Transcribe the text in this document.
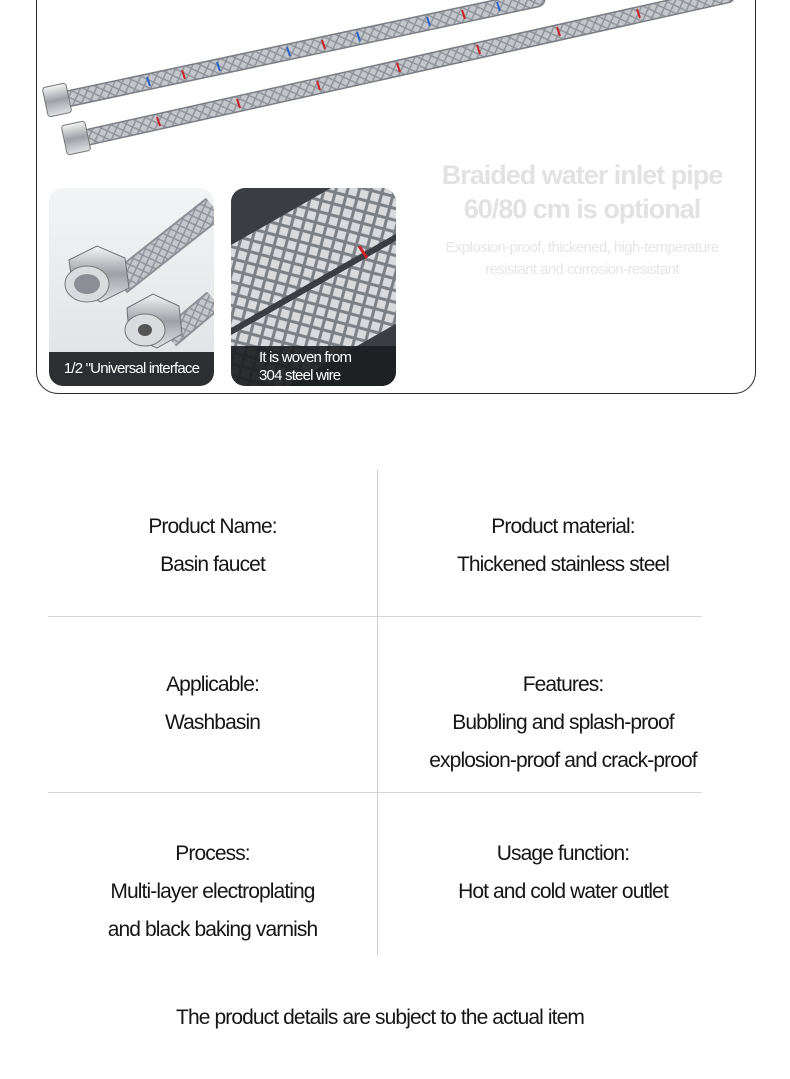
Braided water inlet pipe
60/80 cm is optional
Explosion-proof, thickened, high-temperature
resistant and corrosion-resistant
1/2 "Universal interface
It is woven from
304 steel wire
Product Name:
Basin faucet
Product material:
Thickened stainless steel
Applicable:
Washbasin
Features:
Bubbling and splash-proof
explosion-proof and crack-proof
Process:
Multi-layer electroplating
and black baking varnish
Usage function:
Hot and cold water outlet
The product details are subject to the actual item
